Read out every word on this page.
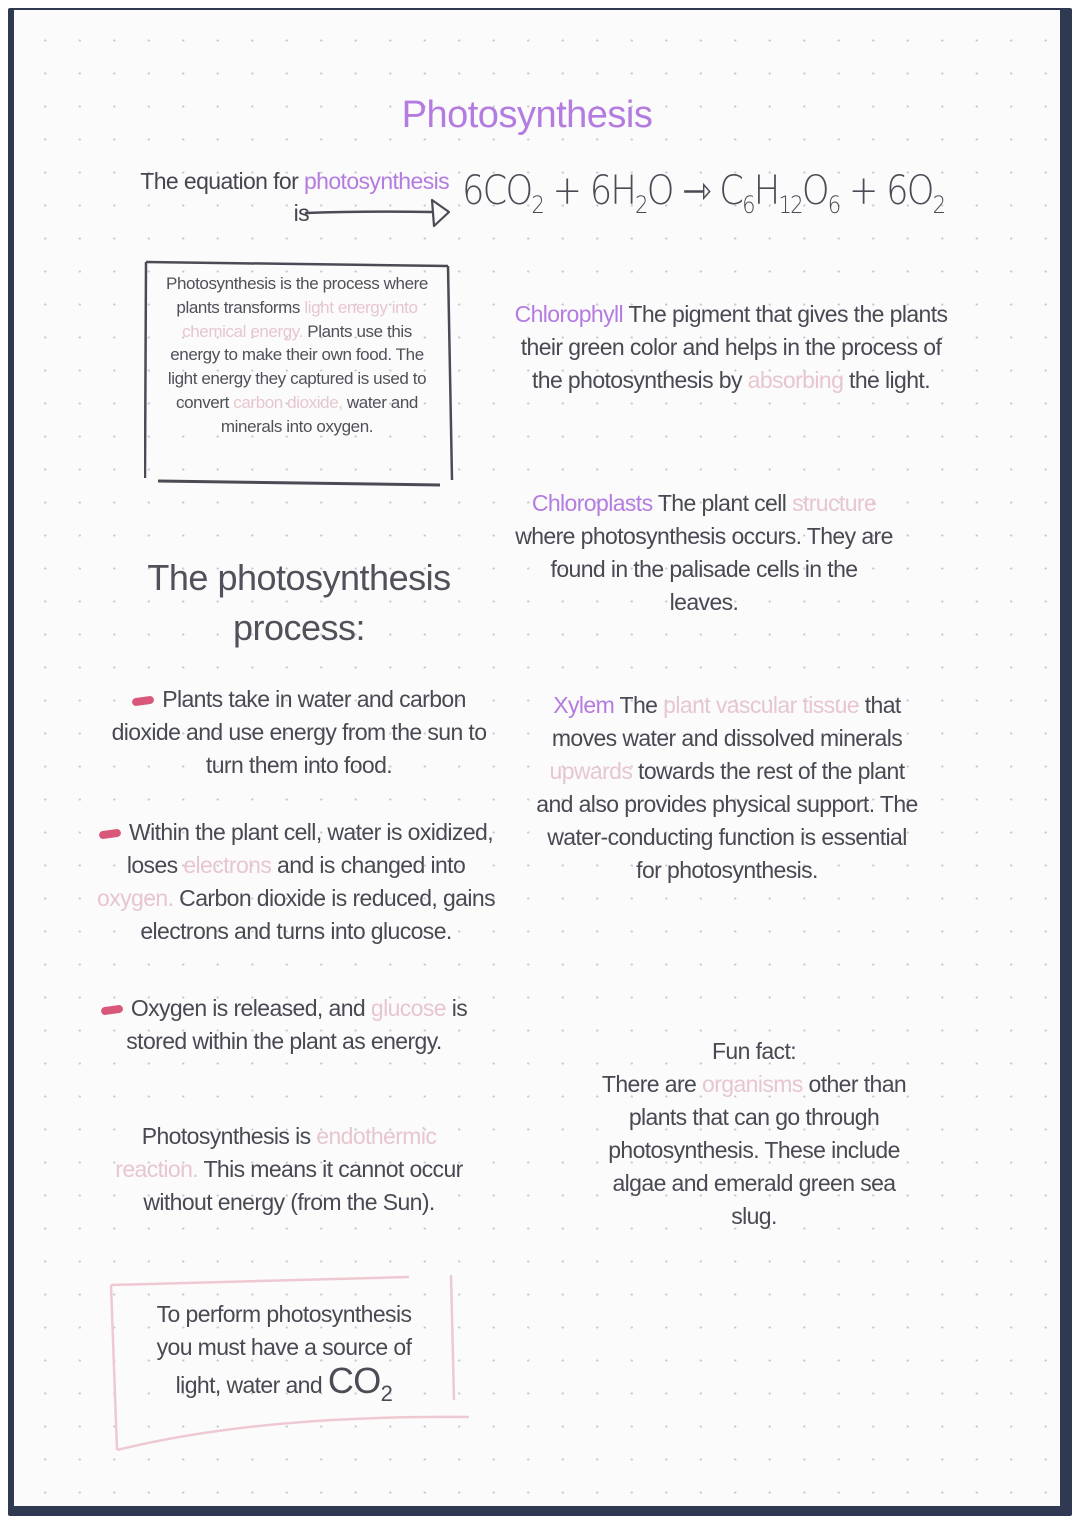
Photosynthesis
The equation for photosynthesis
is	$6CO_2 + 6H_2O$ ⇾ $C_6H_{12}O_6 + 6O_2$
Photosynthesis is the process where plants transforms light energy into chemical energy. Plants use this energy to make their own food. The light energy they captured is used to convert carbon dioxide, water and minerals into oxygen.
The photosynthesis
process:
Plants take in water and carbon dioxide and use energy from the sun to turn them into food.
Within the plant cell, water is oxidized, loses electrons and is changed into oxygen. Carbon dioxide is reduced, gains electrons and turns into glucose.
Oxygen is released, and glucose is stored within the plant as energy.
Photosynthesis is endothermic reaction. This means it cannot occur without energy (from the Sun).
To perform photosynthesis you must have a source of light, water and $CO_2$
Chlorophyll The pigment that gives the plants their green color and helps in the process of the photosynthesis by absorbing the light.
Chloroplasts The plant cell structure where photosynthesis occurs. They are found in the palisade cells in the leaves.
Xylem The plant vascular tissue that moves water and dissolved minerals upwards towards the rest of the plant and also provides physical support. The water-conducting function is essential for photosynthesis.
Fun fact:
There are organisms other than plants that can go through photosynthesis. These include algae and emerald green sea slug.
